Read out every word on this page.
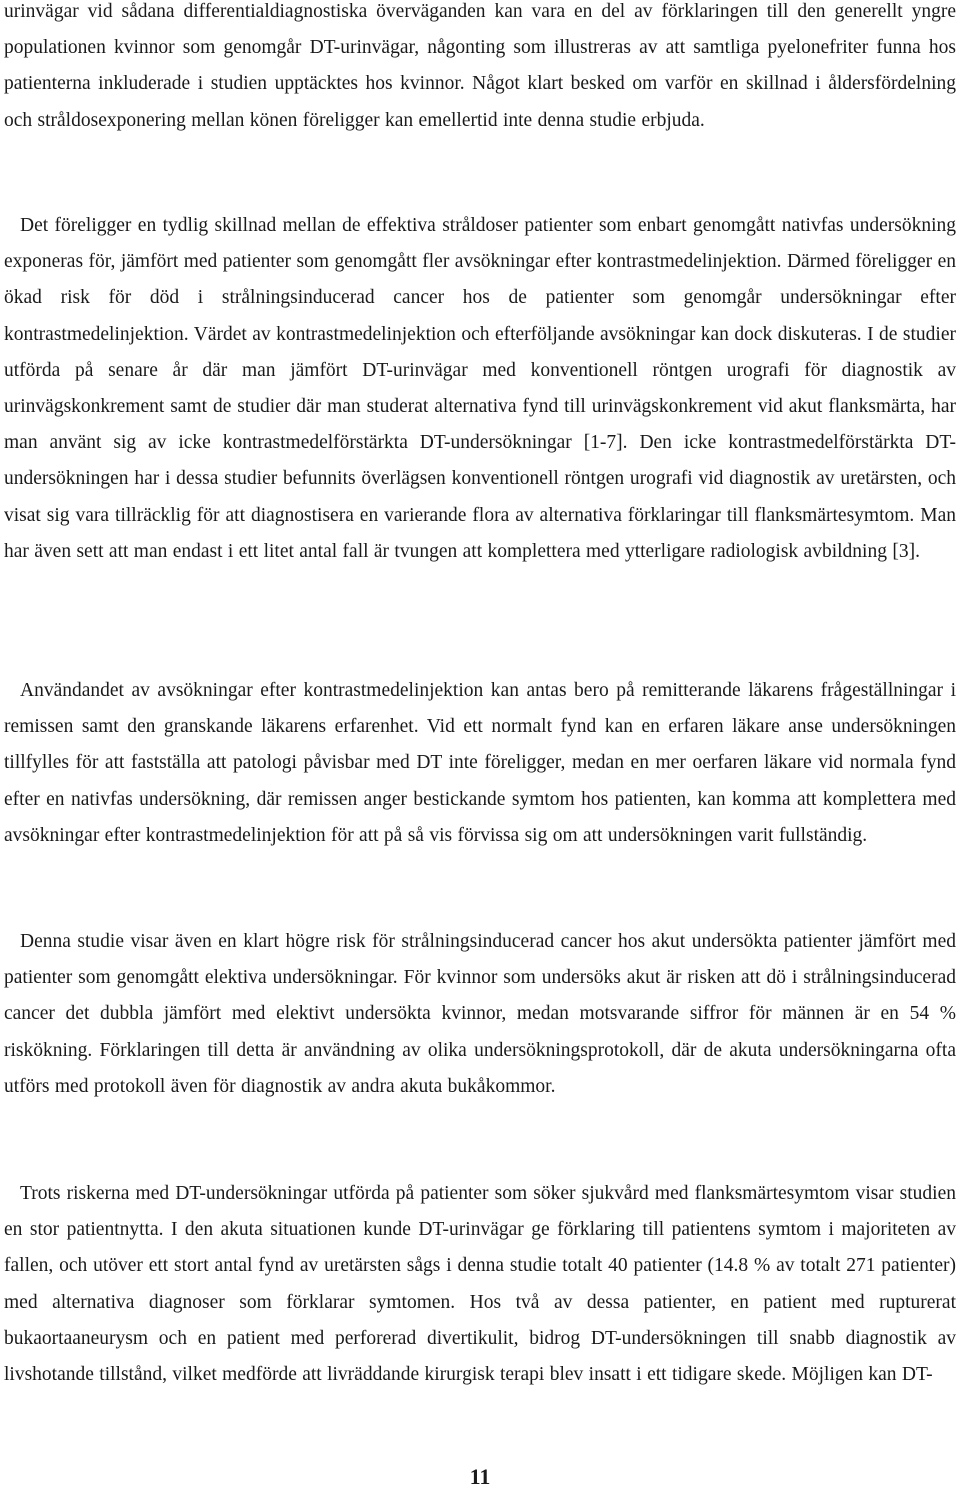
urinvägar vid sådana differentialdiagnostiska överväganden kan vara en del av förklaringen till den generellt yngre populationen kvinnor som genomgår DT-urinvägar, någonting som illustreras av att samtliga pyelonefriter funna hos patienterna inkluderade i studien upptäcktes hos kvinnor. Något klart besked om varför en skillnad i åldersfördelning och stråldosexponering mellan könen föreligger kan emellertid inte denna studie erbjuda.

Det föreligger en tydlig skillnad mellan de effektiva stråldoser patienter som enbart genomgått nativfas undersökning exponeras för, jämfört med patienter som genomgått fler avsökningar efter kontrastmedelinjektion. Därmed föreligger en ökad risk för död i strålningsinducerad cancer hos de patienter som genomgår undersökningar efter kontrastmedelinjektion. Värdet av kontrastmedelinjektion och efterföljande avsökningar kan dock diskuteras. I de studier utförda på senare år där man jämfört DT-urinvägar med konventionell röntgen urografi för diagnostik av urinvägskonkrement samt de studier där man studerat alternativa fynd till urinvägskonkrement vid akut flanksmärta, har man använt sig av icke kontrastmedelförstärkta DT-undersökningar [1-7]. Den icke kontrastmedelförstärkta DT-undersökningen har i dessa studier befunnits överlägsen konventionell röntgen urografi vid diagnostik av uretärsten, och visat sig vara tillräcklig för att diagnostisera en varierande flora av alternativa förklaringar till flanksmärtesymtom. Man har även sett att man endast i ett litet antal fall är tvungen att komplettera med ytterligare radiologisk avbildning [3].

Användandet av avsökningar efter kontrastmedelinjektion kan antas bero på remitterande läkarens frågeställningar i remissen samt den granskande läkarens erfarenhet. Vid ett normalt fynd kan en erfaren läkare anse undersökningen tillfylles för att fastställa att patologi påvisbar med DT inte föreligger, medan en mer oerfaren läkare vid normala fynd efter en nativfas undersökning, där remissen anger bestickande symtom hos patienten, kan komma att komplettera med avsökningar efter kontrastmedelinjektion för att på så vis förvissa sig om att undersökningen varit fullständig.

Denna studie visar även en klart högre risk för strålningsinducerad cancer hos akut undersökta patienter jämfört med patienter som genomgått elektiva undersökningar. För kvinnor som undersöks akut är risken att dö i strålningsinducerad cancer det dubbla jämfört med elektivt undersökta kvinnor, medan motsvarande siffror för männen är en 54 % riskökning. Förklaringen till detta är användning av olika undersökningsprotokoll, där de akuta undersökningarna ofta utförs med protokoll även för diagnostik av andra akuta bukåkommor.

Trots riskerna med DT-undersökningar utförda på patienter som söker sjukvård med flanksmärtesymtom visar studien en stor patientnytta. I den akuta situationen kunde DT-urinvägar ge förklaring till patientens symtom i majoriteten av fallen, och utöver ett stort antal fynd av uretärsten sågs i denna studie totalt 40 patienter (14.8 % av totalt 271 patienter) med alternativa diagnoser som förklarar symtomen. Hos två av dessa patienter, en patient med rupturerat bukaortaaneurysm och en patient med perforerad divertikulit, bidrog DT-undersökningen till snabb diagnostik av livshotande tillstånd, vilket medförde att livräddande kirurgisk terapi blev insatt i ett tidigare skede. Möjligen kan DT-

11
